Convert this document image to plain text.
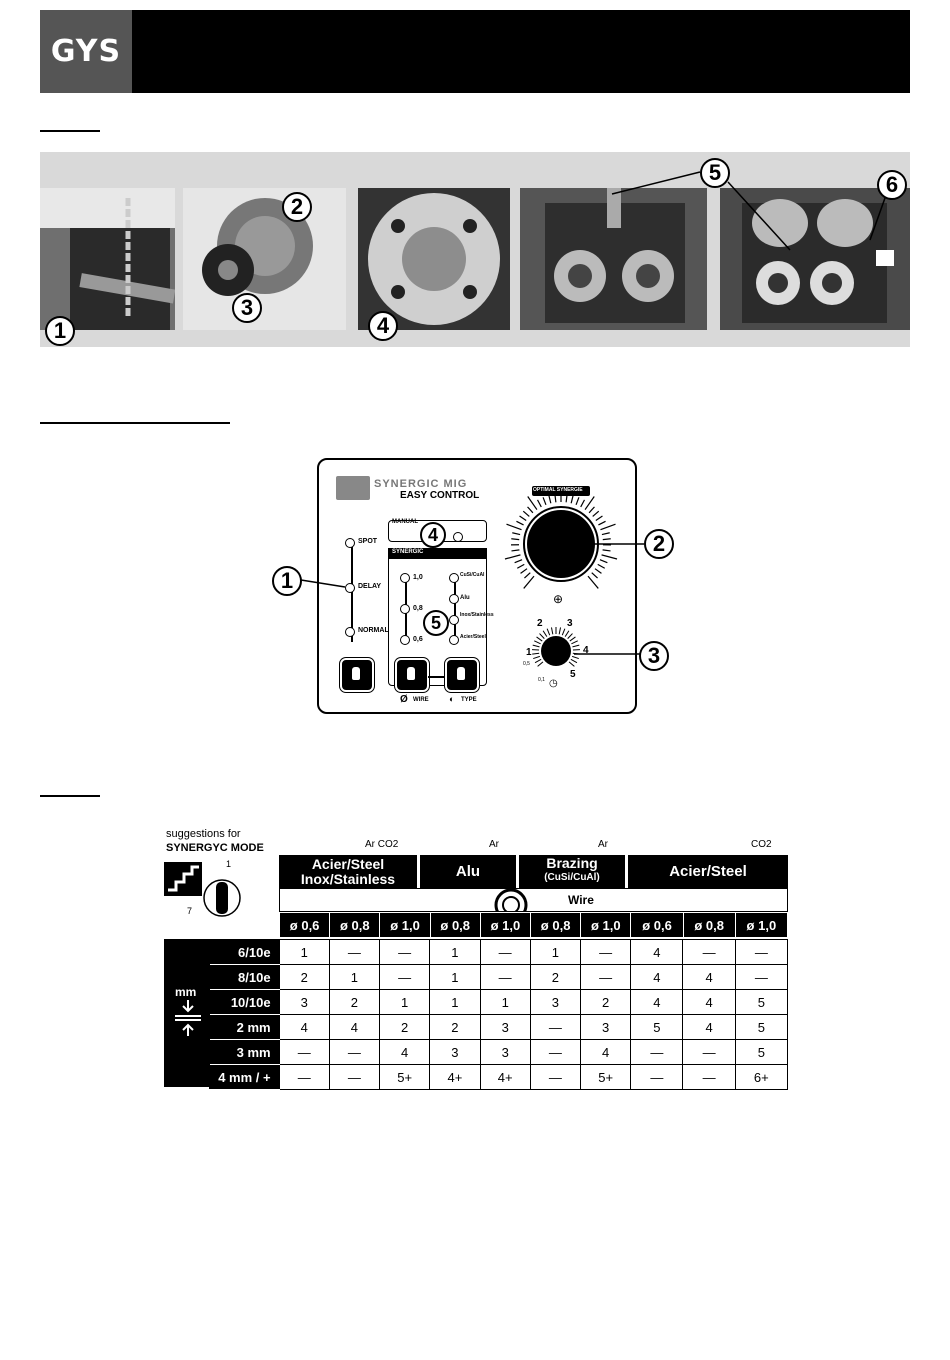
GYS
1
2
3
4
5	6
SYNERGIC MIG
EASY CONTROL
SPOT
DELAY
NORMAL
MANUAL
SYNERGIC
1,0
0,8
0,6
CuSi/CuAl
Alu
Inox/Stainless
Acier/Steel
Ø WIRE ◐ TYPE
OPTIMAL SYNERGIE
⊕
1
2 3
4
5
0,5
0,1 ◷
1
2
3
4
5
suggestions for
SYNERGYC MODE
1
7
Ar CO2	Ar	Ar	CO2
Acier/Steel Inox/Stainless	Alu	Brazing
(CuSi/CuAl)	Acier/Steel
Wire
ø 0,6	ø 0,8	ø 1,0	ø 0,8	ø 1,0	ø 0,8	ø 1,0	ø 0,6	ø 0,8	ø 1,0
	6/10e	1	—	—	1	—	1	—	4	—	—
	8/10e	2	1	—	1	—	2	—	4	4	—
	10/10e	3	2	1	1	1	3	2	4	4	5
	2 mm	4	4	2	2	3	—	3	5	4	5
	3 mm	—	—	4	3	3	—	4	—	—	5
	4 mm / +	—	—	5+	4+	4+	—	5+	—	—	6+
mm
